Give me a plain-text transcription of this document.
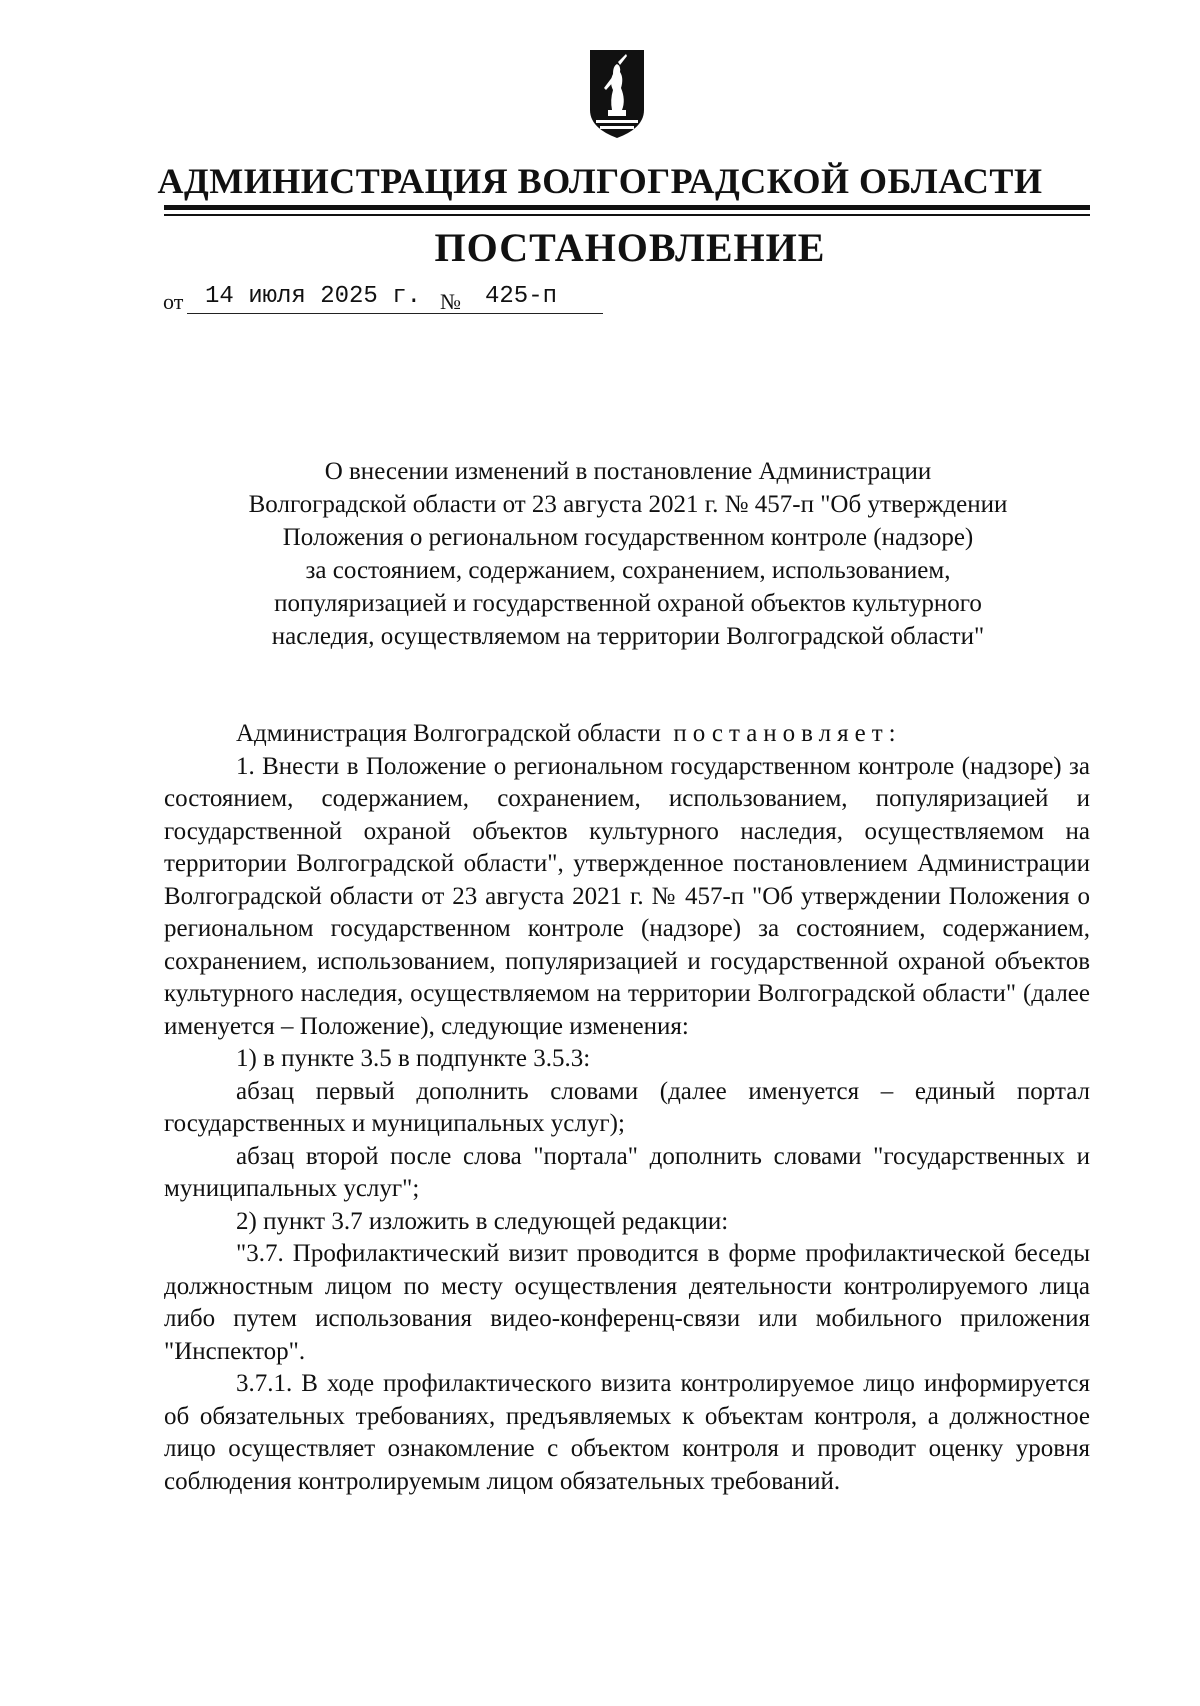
АДМИНИСТРАЦИЯ ВОЛГОГРАДСКОЙ ОБЛАСТИ
ПОСТАНОВЛЕНИЕ
от 14 июля 2025 г. № 425-п
О внесении изменений в постановление Администрации
Волгоградской области от 23 августа 2021 г. № 457-п "Об утверждении
Положения о региональном государственном контроле (надзоре)
за состоянием, содержанием, сохранением, использованием,
популяризацией и государственной охраной объектов культурного
наследия, осуществляемом на территории Волгоградской области"

Администрация Волгоградской области постановляет:

1. Внести в Положение о региональном государственном контроле (надзоре) за состоянием, содержанием, сохранением, использованием, популяризацией и государственной охраной объектов культурного наследия, осуществляемом на территории Волгоградской области", утвержденное постановлением Администрации Волгоградской области от 23 августа 2021 г. № 457-п "Об утверждении Положения о региональном государственном контроле (надзоре) за состоянием, содержанием, сохранением, использованием, популяризацией и государственной охраной объектов культурного наследия, осуществляемом на территории Волгоградской области" (далее именуется – Положение), следующие изменения:

1) в пункте 3.5 в подпункте 3.5.3:

абзац первый дополнить словами (далее именуется – единый портал государственных и муниципальных услуг);

абзац второй после слова "портала" дополнить словами "государственных и муниципальных услуг";

2) пункт 3.7 изложить в следующей редакции:

"3.7. Профилактический визит проводится в форме профилактической беседы должностным лицом по месту осуществления деятельности контролируемого лица либо путем использования видео-конференц-связи или мобильного приложения "Инспектор".

3.7.1. В ходе профилактического визита контролируемое лицо информируется об обязательных требованиях, предъявляемых к объектам контроля, а должностное лицо осуществляет ознакомление с объектом контроля и проводит оценку уровня соблюдения контролируемым лицом обязательных требований.
